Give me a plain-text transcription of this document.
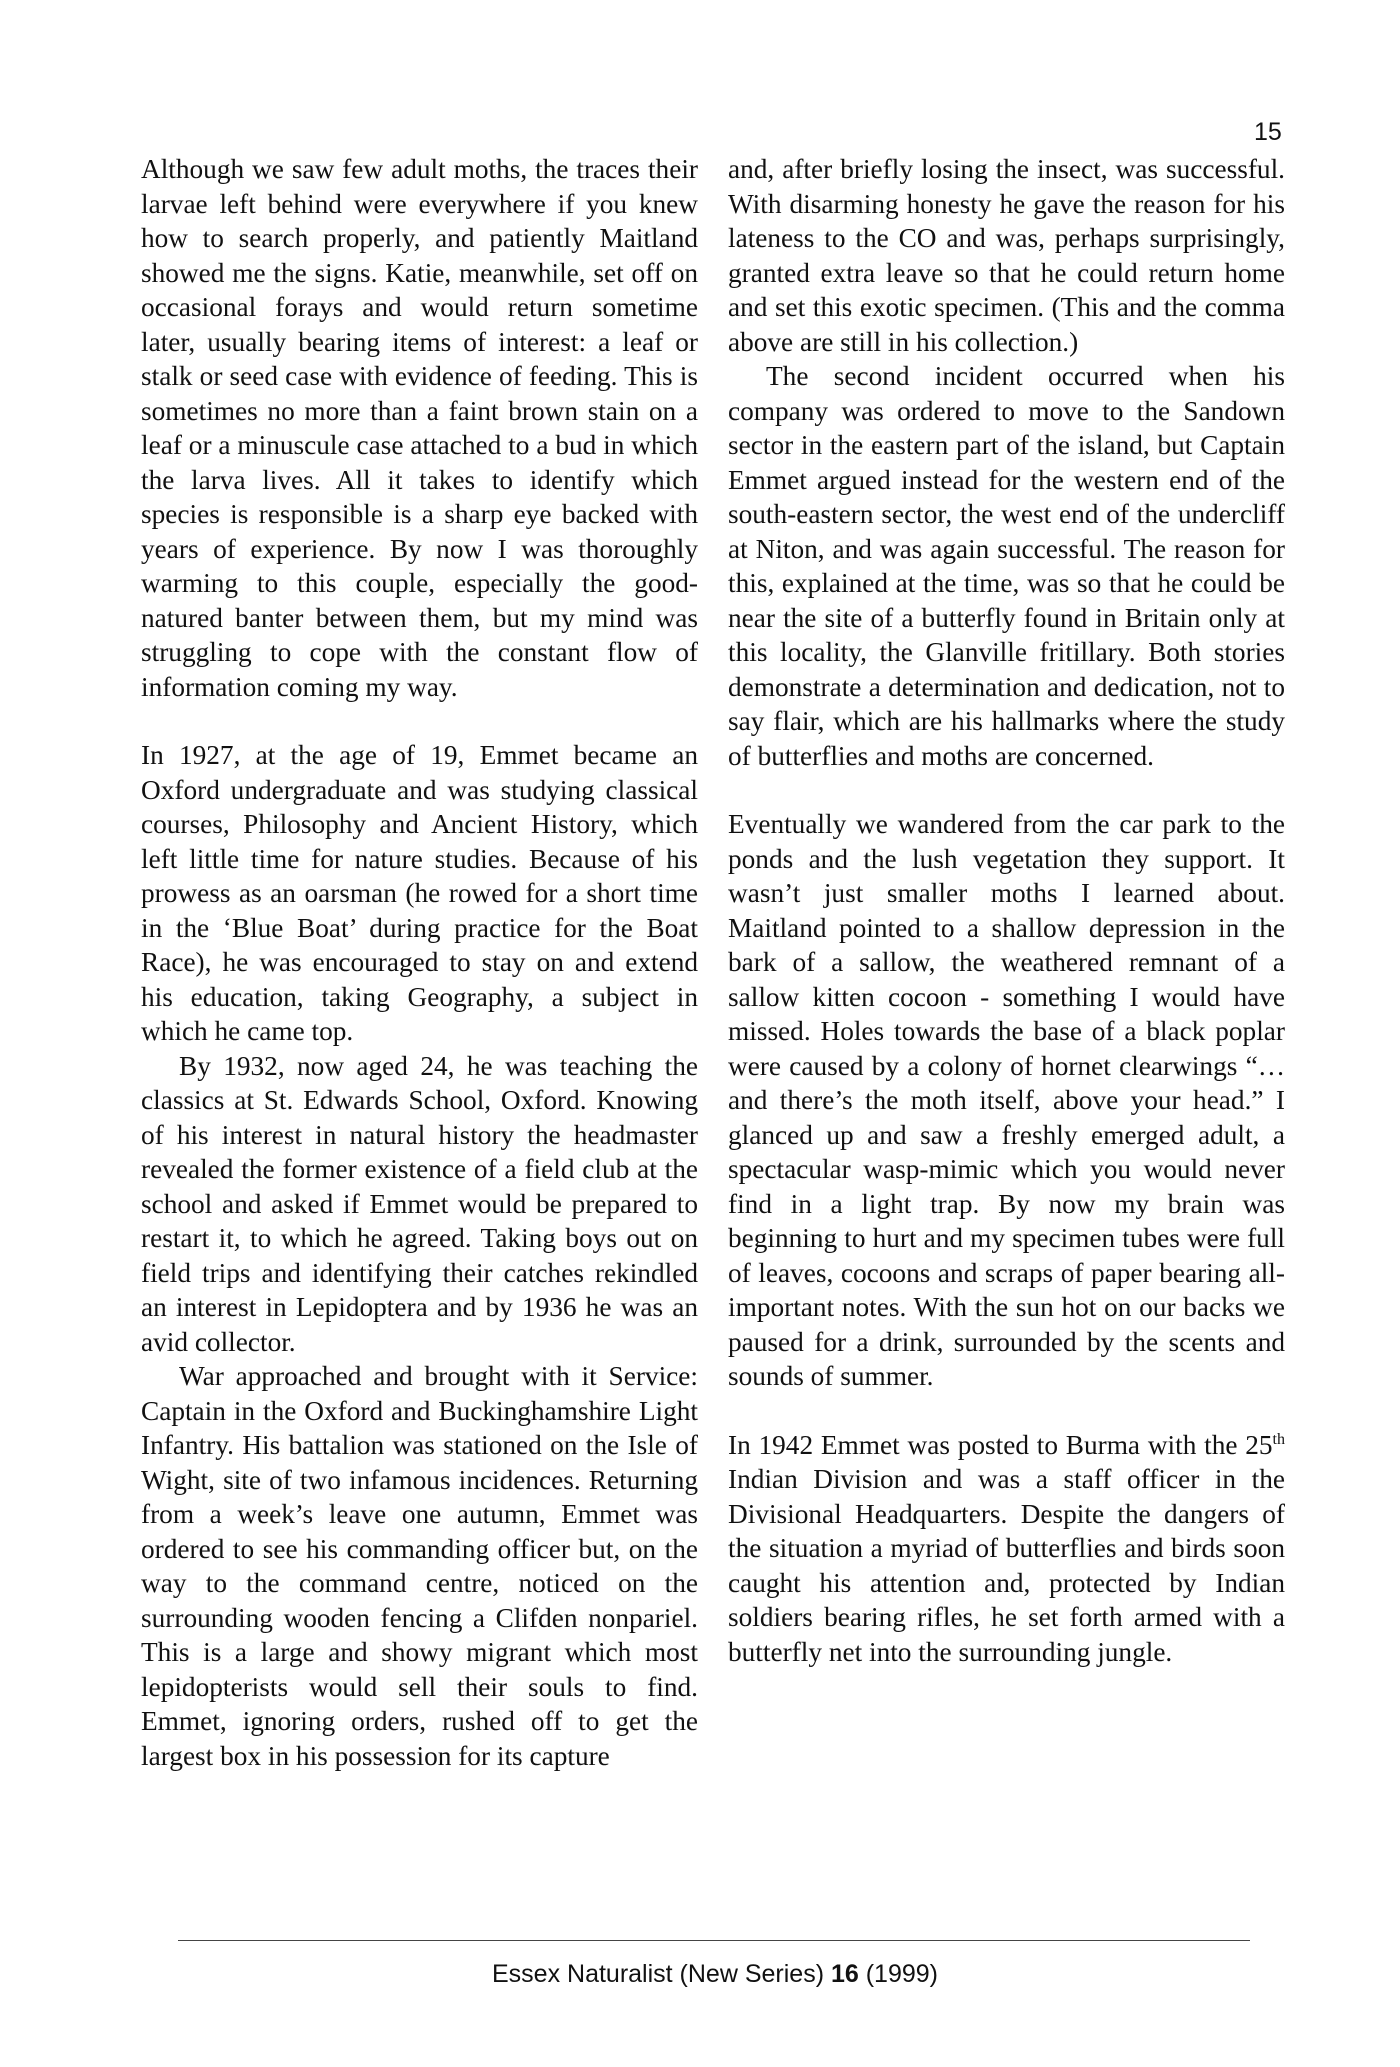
15

Although we saw few adult moths, the traces their larvae left behind were everywhere if you knew how to search properly, and patiently Maitland showed me the signs. Katie, meanwhile, set off on occasional forays and would return sometime later, usually bearing items of interest: a leaf or stalk or seed case with evidence of feeding. This is sometimes no more than a faint brown stain on a leaf or a minuscule case attached to a bud in which the larva lives. All it takes to identify which species is responsible is a sharp eye backed with years of experience. By now I was thoroughly warming to this couple, especially the good-natured banter between them, but my mind was struggling to cope with the constant flow of information coming my way.

In 1927, at the age of 19, Emmet became an Oxford undergraduate and was studying classical courses, Philosophy and Ancient History, which left little time for nature studies. Because of his prowess as an oarsman (he rowed for a short time in the ‘Blue Boat’ during practice for the Boat Race), he was encouraged to stay on and extend his education, taking Geography, a subject in which he came top.

By 1932, now aged 24, he was teaching the classics at St. Edwards School, Oxford. Knowing of his interest in natural history the headmaster revealed the former existence of a field club at the school and asked if Emmet would be prepared to restart it, to which he agreed. Taking boys out on field trips and identifying their catches rekindled an interest in Lepidoptera and by 1936 he was an avid collector.

War approached and brought with it Service: Captain in the Oxford and Buckinghamshire Light Infantry. His battalion was stationed on the Isle of Wight, site of two infamous incidences. Returning from a week’s leave one autumn, Emmet was ordered to see his commanding officer but, on the way to the command centre, noticed on the surrounding wooden fencing a Clifden nonpariel. This is a large and showy migrant which most lepidopterists would sell their souls to find. Emmet, ignoring orders, rushed off to get the largest box in his possession for its capture

and, after briefly losing the insect, was successful. With disarming honesty he gave the reason for his lateness to the CO and was, perhaps surprisingly, granted extra leave so that he could return home and set this exotic specimen. (This and the comma above are still in his collection.)

The second incident occurred when his company was ordered to move to the Sandown sector in the eastern part of the island, but Captain Emmet argued instead for the western end of the south-eastern sector, the west end of the undercliff at Niton, and was again successful. The reason for this, explained at the time, was so that he could be near the site of a butterfly found in Britain only at this locality, the Glanville fritillary. Both stories demonstrate a determination and dedication, not to say flair, which are his hallmarks where the study of butterflies and moths are concerned.

Eventually we wandered from the car park to the ponds and the lush vegetation they support. It wasn’t just smaller moths I learned about. Maitland pointed to a shallow depression in the bark of a sallow, the weathered remnant of a sallow kitten cocoon - something I would have missed. Holes towards the base of a black poplar were caused by a colony of hornet clearwings “…and there’s the moth itself, above your head.” I glanced up and saw a freshly emerged adult, a spectacular wasp-mimic which you would never find in a light trap. By now my brain was beginning to hurt and my specimen tubes were full of leaves, cocoons and scraps of paper bearing all-important notes. With the sun hot on our backs we paused for a drink, surrounded by the scents and sounds of summer.

In 1942 Emmet was posted to Burma with the 25th Indian Division and was a staff officer in the Divisional Headquarters. Despite the dangers of the situation a myriad of butterflies and birds soon caught his attention and, protected by Indian soldiers bearing rifles, he set forth armed with a butterfly net into the surrounding jungle.

Essex Naturalist (New Series) 16 (1999)
